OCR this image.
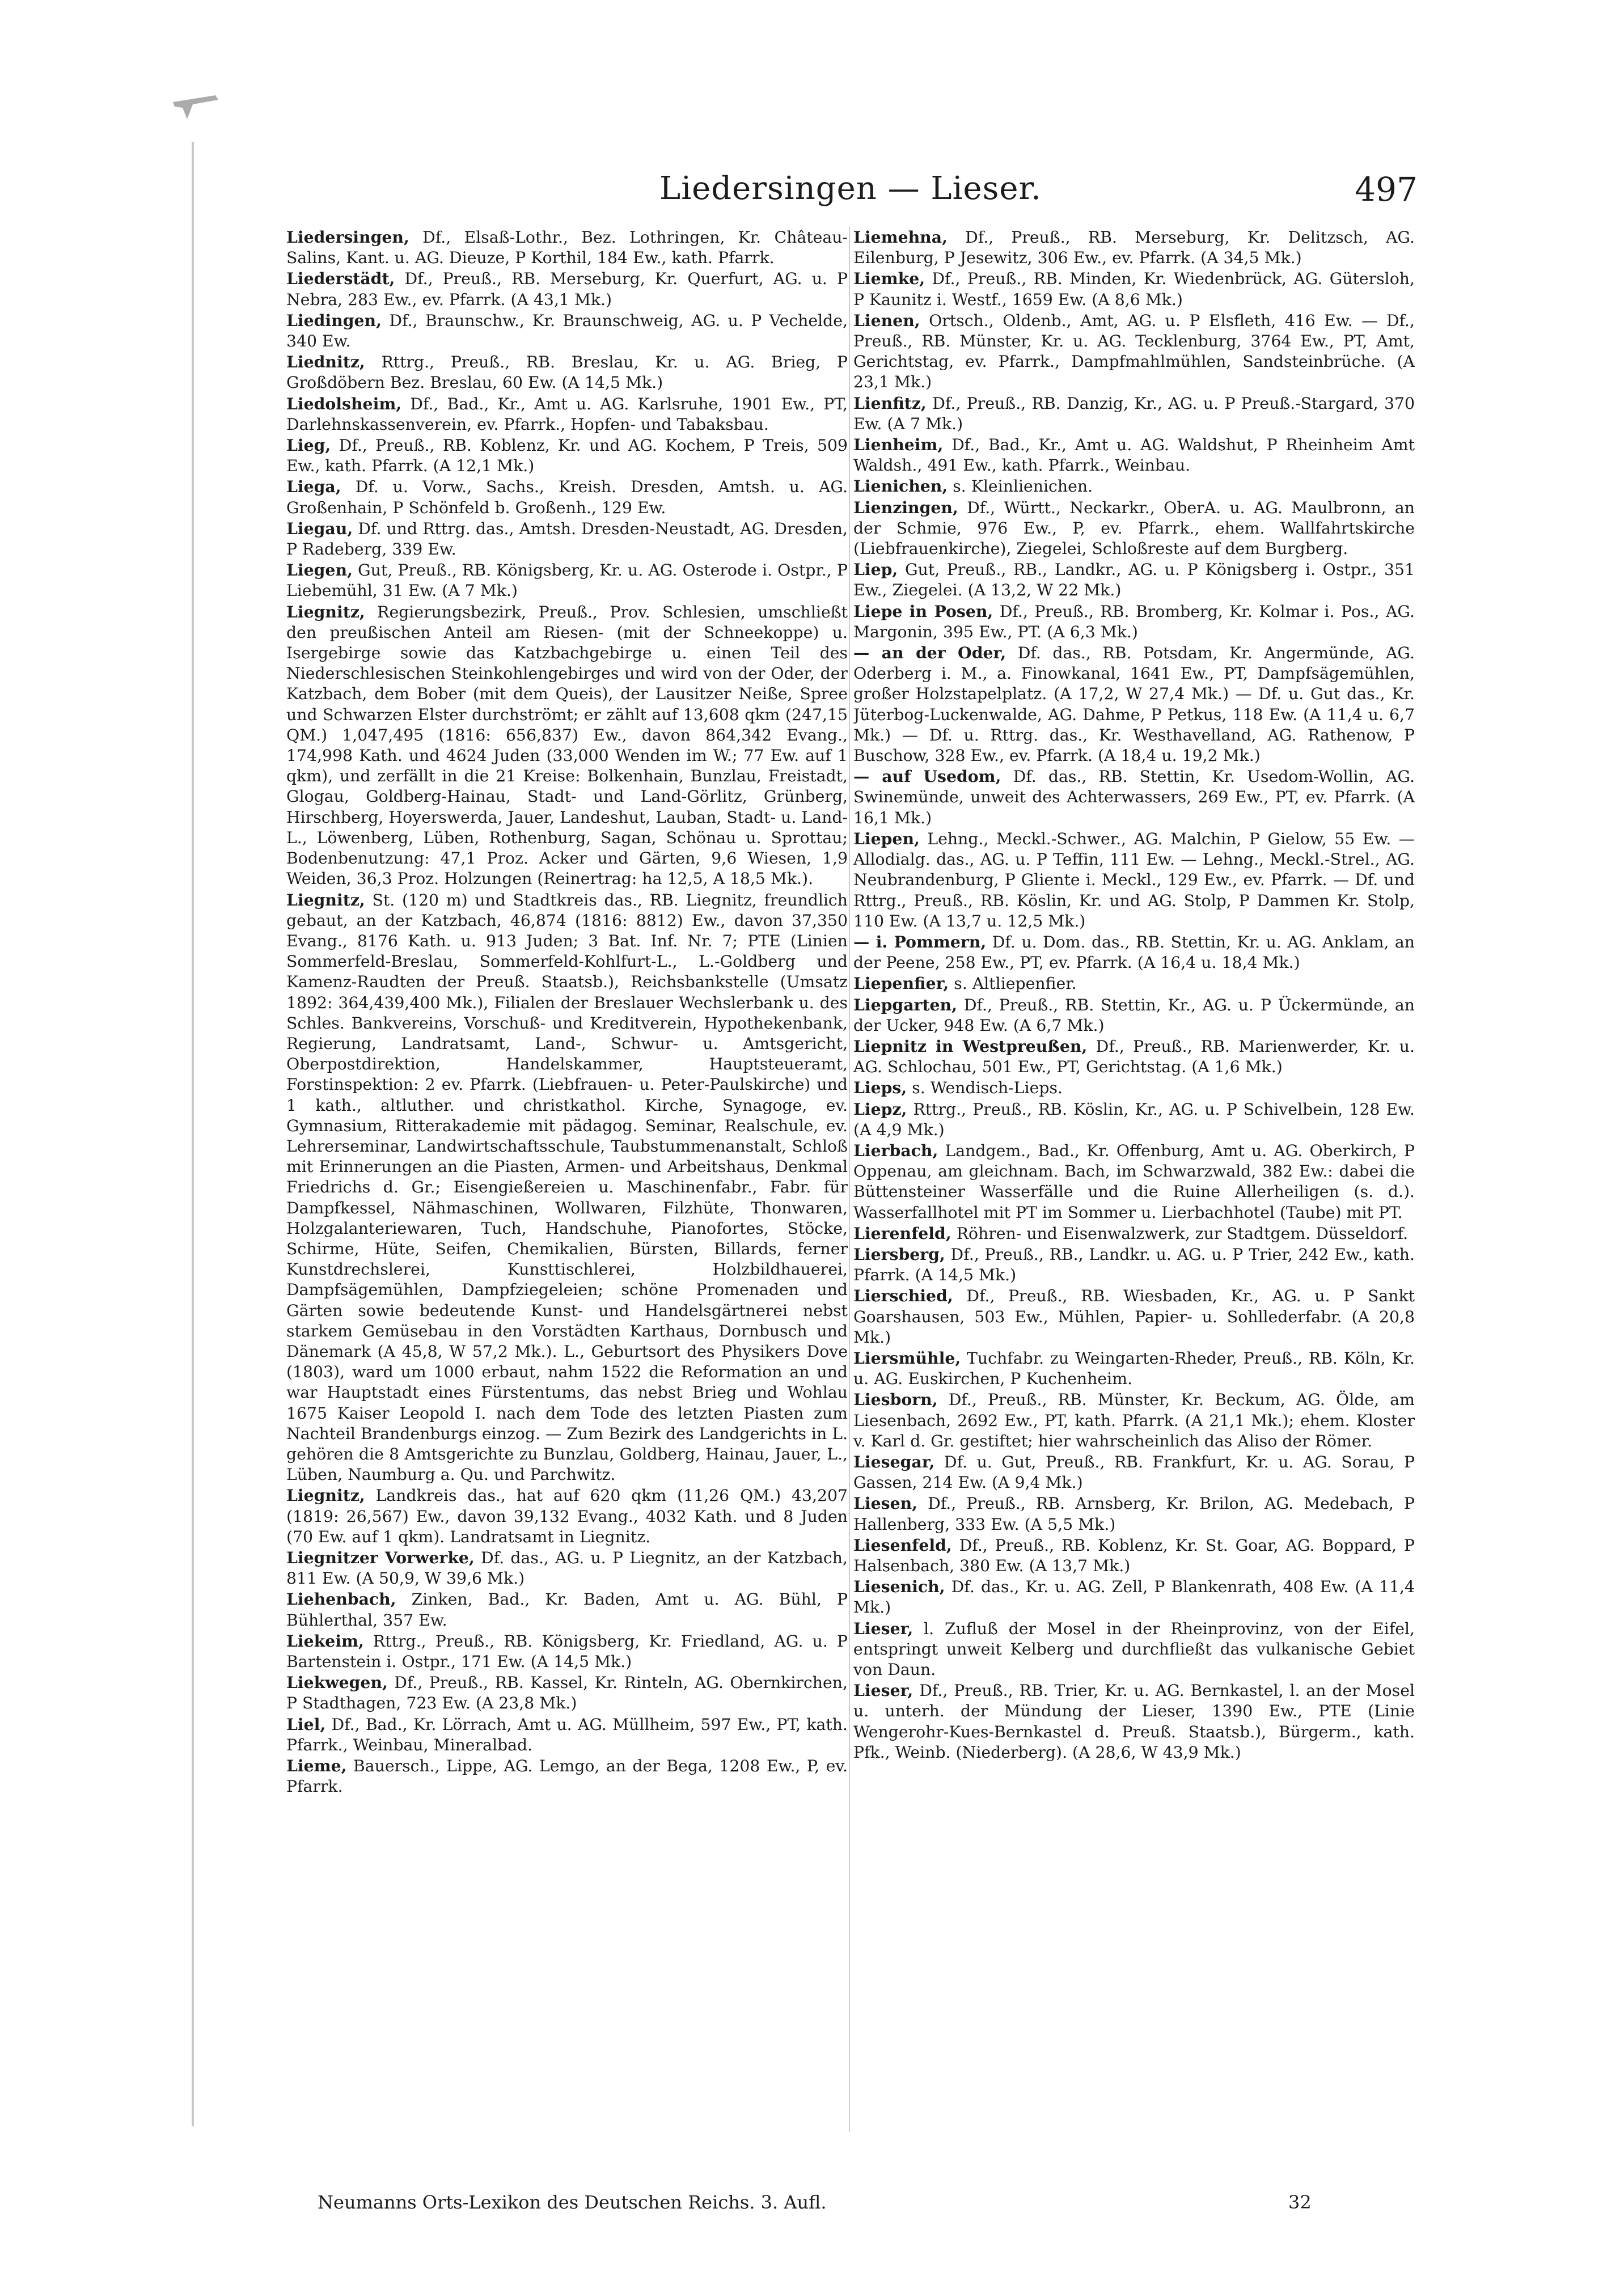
Liedersingen — Lieser.	497

Liedersingen, Df., Elsaß-Lothr., Bez. Lothringen, Kr. Château-Salins, Kant. u. AG. Dieuze, P Korthil, 184 Ew., kath. Pfarrk.

Liederstädt, Df., Preuß., RB. Merseburg, Kr. Querfurt, AG. u. P Nebra, 283 Ew., ev. Pfarrk. (A 43,1 Mk.)

Liedingen, Df., Braunschw., Kr. Braunschweig, AG. u. P Vechelde, 340 Ew.

Liednitz, Rttrg., Preuß., RB. Breslau, Kr. u. AG. Brieg, P Großdöbern Bez. Breslau, 60 Ew. (A 14,5 Mk.)

Liedolsheim, Df., Bad., Kr., Amt u. AG. Karlsruhe, 1901 Ew., PT, Darlehnskassenverein, ev. Pfarrk., Hopfen- und Tabaksbau.

Lieg, Df., Preuß., RB. Koblenz, Kr. und AG. Kochem, P Treis, 509 Ew., kath. Pfarrk. (A 12,1 Mk.)

Liega, Df. u. Vorw., Sachs., Kreish. Dresden, Amtsh. u. AG. Großenhain, P Schönfeld b. Großenh., 129 Ew.

Liegau, Df. und Rttrg. das., Amtsh. Dresden-Neustadt, AG. Dresden, P Radeberg, 339 Ew.

Liegen, Gut, Preuß., RB. Königsberg, Kr. u. AG. Osterode i. Ostpr., P Liebemühl, 31 Ew. (A 7 Mk.)

Liegnitz, Regierungsbezirk, Preuß., Prov. Schlesien, umschließt den preußischen Anteil am Riesen- (mit der Schneekoppe) u. Isergebirge sowie das Katzbachgebirge u. einen Teil des Niederschlesischen Steinkohlengebirges und wird von der Oder, der Katzbach, dem Bober (mit dem Queis), der Lausitzer Neiße, Spree und Schwarzen Elster durchströmt; er zählt auf 13,608 qkm (247,15 QM.) 1,047,495 (1816: 656,837) Ew., davon 864,342 Evang., 174,998 Kath. und 4624 Juden (33,000 Wenden im W.; 77 Ew. auf 1 qkm), und zerfällt in die 21 Kreise: Bolkenhain, Bunzlau, Freistadt, Glogau, Goldberg-Hainau, Stadt- und Land-Görlitz, Grünberg, Hirschberg, Hoyerswerda, Jauer, Landeshut, Lauban, Stadt- u. Land-L., Löwenberg, Lüben, Rothenburg, Sagan, Schönau u. Sprottau; Bodenbenutzung: 47,1 Proz. Acker und Gärten, 9,6 Wiesen, 1,9 Weiden, 36,3 Proz. Holzungen (Reinertrag: ha 12,5, A 18,5 Mk.).

Liegnitz, St. (120 m) und Stadtkreis das., RB. Liegnitz, freundlich gebaut, an der Katzbach, 46,874 (1816: 8812) Ew., davon 37,350 Evang., 8176 Kath. u. 913 Juden; 3 Bat. Inf. Nr. 7; PTE (Linien Sommerfeld-Breslau, Sommerfeld-Kohlfurt-L., L.-Goldberg und Kamenz-Raudten der Preuß. Staatsb.), Reichsbankstelle (Umsatz 1892: 364,439,400 Mk.), Filialen der Breslauer Wechslerbank u. des Schles. Bankvereins, Vorschuß- und Kreditverein, Hypothekenbank, Regierung, Landratsamt, Land-, Schwur- u. Amtsgericht, Oberpostdirektion, Handelskammer, Hauptsteueramt, Forstinspektion: 2 ev. Pfarrk. (Liebfrauen- u. Peter-Paulskirche) und 1 kath., altluther. und christkathol. Kirche, Synagoge, ev. Gymnasium, Ritterakademie mit pädagog. Seminar, Realschule, ev. Lehrerseminar, Landwirtschaftsschule, Taubstummenanstalt, Schloß mit Erinnerungen an die Piasten, Armen- und Arbeitshaus, Denkmal Friedrichs d. Gr.; Eisengießereien u. Maschinenfabr., Fabr. für Dampfkessel, Nähmaschinen, Wollwaren, Filzhüte, Thonwaren, Holzgalanteriewaren, Tuch, Handschuhe, Pianofortes, Stöcke, Schirme, Hüte, Seifen, Chemikalien, Bürsten, Billards, ferner Kunstdrechslerei, Kunsttischlerei, Holzbildhauerei, Dampfsägemühlen, Dampfziegeleien; schöne Promenaden und Gärten sowie bedeutende Kunst- und Handelsgärtnerei nebst starkem Gemüsebau in den Vorstädten Karthaus, Dornbusch und Dänemark (A 45,8, W 57,2 Mk.). L., Geburtsort des Physikers Dove (1803), ward um 1000 erbaut, nahm 1522 die Reformation an und war Hauptstadt eines Fürstentums, das nebst Brieg und Wohlau 1675 Kaiser Leopold I. nach dem Tode des letzten Piasten zum Nachteil Brandenburgs einzog. — Zum Bezirk des Landgerichts in L. gehören die 8 Amtsgerichte zu Bunzlau, Goldberg, Hainau, Jauer, L., Lüben, Naumburg a. Qu. und Parchwitz.

Liegnitz, Landkreis das., hat auf 620 qkm (11,26 QM.) 43,207 (1819: 26,567) Ew., davon 39,132 Evang., 4032 Kath. und 8 Juden (70 Ew. auf 1 qkm). Landratsamt in Liegnitz.

Liegnitzer Vorwerke, Df. das., AG. u. P Liegnitz, an der Katzbach, 811 Ew. (A 50,9, W 39,6 Mk.)

Liehenbach, Zinken, Bad., Kr. Baden, Amt u. AG. Bühl, P Bühlerthal, 357 Ew.

Liekeim, Rttrg., Preuß., RB. Königsberg, Kr. Friedland, AG. u. P Bartenstein i. Ostpr., 171 Ew. (A 14,5 Mk.)

Liekwegen, Df., Preuß., RB. Kassel, Kr. Rinteln, AG. Obernkirchen, P Stadthagen, 723 Ew. (A 23,8 Mk.)

Liel, Df., Bad., Kr. Lörrach, Amt u. AG. Müllheim, 597 Ew., PT, kath. Pfarrk., Weinbau, Mineralbad.

Lieme, Bauersch., Lippe, AG. Lemgo, an der Bega, 1208 Ew., P, ev. Pfarrk.

Liemehna, Df., Preuß., RB. Merseburg, Kr. Delitzsch, AG. Eilenburg, P Jesewitz, 306 Ew., ev. Pfarrk. (A 34,5 Mk.)

Liemke, Df., Preuß., RB. Minden, Kr. Wiedenbrück, AG. Gütersloh, P Kaunitz i. Westf., 1659 Ew. (A 8,6 Mk.)

Lienen, Ortsch., Oldenb., Amt, AG. u. P Elsfleth, 416 Ew. — Df., Preuß., RB. Münster, Kr. u. AG. Tecklenburg, 3764 Ew., PT, Amt, Gerichtstag, ev. Pfarrk., Dampfmahlmühlen, Sandsteinbrüche. (A 23,1 Mk.)

Lienfitz, Df., Preuß., RB. Danzig, Kr., AG. u. P Preuß.-Stargard, 370 Ew. (A 7 Mk.)

Lienheim, Df., Bad., Kr., Amt u. AG. Waldshut, P Rheinheim Amt Waldsh., 491 Ew., kath. Pfarrk., Weinbau.

Lienichen, s. Kleinlienichen.

Lienzingen, Df., Württ., Neckarkr., OberA. u. AG. Maulbronn, an der Schmie, 976 Ew., P, ev. Pfarrk., ehem. Wallfahrtskirche (Liebfrauenkirche), Ziegelei, Schloßreste auf dem Burgberg.

Liep, Gut, Preuß., RB., Landkr., AG. u. P Königsberg i. Ostpr., 351 Ew., Ziegelei. (A 13,2, W 22 Mk.)

Liepe in Posen, Df., Preuß., RB. Bromberg, Kr. Kolmar i. Pos., AG. Margonin, 395 Ew., PT. (A 6,3 Mk.)

— an der Oder, Df. das., RB. Potsdam, Kr. Angermünde, AG. Oderberg i. M., a. Finowkanal, 1641 Ew., PT, Dampfsägemühlen, großer Holzstapelplatz. (A 17,2, W 27,4 Mk.) — Df. u. Gut das., Kr. Jüterbog-Luckenwalde, AG. Dahme, P Petkus, 118 Ew. (A 11,4 u. 6,7 Mk.) — Df. u. Rttrg. das., Kr. Westhavelland, AG. Rathenow, P Buschow, 328 Ew., ev. Pfarrk. (A 18,4 u. 19,2 Mk.)

— auf Usedom, Df. das., RB. Stettin, Kr. Usedom-Wollin, AG. Swinemünde, unweit des Achterwassers, 269 Ew., PT, ev. Pfarrk. (A 16,1 Mk.)

Liepen, Lehng., Meckl.-Schwer., AG. Malchin, P Gielow, 55 Ew. — Allodialg. das., AG. u. P Teffin, 111 Ew. — Lehng., Meckl.-Strel., AG. Neubrandenburg, P Gliente i. Meckl., 129 Ew., ev. Pfarrk. — Df. und Rttrg., Preuß., RB. Köslin, Kr. und AG. Stolp, P Dammen Kr. Stolp, 110 Ew. (A 13,7 u. 12,5 Mk.)

— i. Pommern, Df. u. Dom. das., RB. Stettin, Kr. u. AG. Anklam, an der Peene, 258 Ew., PT, ev. Pfarrk. (A 16,4 u. 18,4 Mk.)

Liepenfier, s. Altliepenfier.

Liepgarten, Df., Preuß., RB. Stettin, Kr., AG. u. P Ückermünde, an der Ucker, 948 Ew. (A 6,7 Mk.)

Liepnitz in Westpreußen, Df., Preuß., RB. Marienwerder, Kr. u. AG. Schlochau, 501 Ew., PT, Gerichtstag. (A 1,6 Mk.)

Lieps, s. Wendisch-Lieps.

Liepz, Rttrg., Preuß., RB. Köslin, Kr., AG. u. P Schivelbein, 128 Ew. (A 4,9 Mk.)

Lierbach, Landgem., Bad., Kr. Offenburg, Amt u. AG. Oberkirch, P Oppenau, am gleichnam. Bach, im Schwarzwald, 382 Ew.: dabei die Büttensteiner Wasserfälle und die Ruine Allerheiligen (s. d.). Wasserfallhotel mit PT im Sommer u. Lierbachhotel (Taube) mit PT.

Lierenfeld, Röhren- und Eisenwalzwerk, zur Stadtgem. Düsseldorf.

Liersberg, Df., Preuß., RB., Landkr. u. AG. u. P Trier, 242 Ew., kath. Pfarrk. (A 14,5 Mk.)

Lierschied, Df., Preuß., RB. Wiesbaden, Kr., AG. u. P Sankt Goarshausen, 503 Ew., Mühlen, Papier- u. Sohllederfabr. (A 20,8 Mk.)

Liersmühle, Tuchfabr. zu Weingarten-Rheder, Preuß., RB. Köln, Kr. u. AG. Euskirchen, P Kuchenheim.

Liesborn, Df., Preuß., RB. Münster, Kr. Beckum, AG. Ölde, am Liesenbach, 2692 Ew., PT, kath. Pfarrk. (A 21,1 Mk.); ehem. Kloster v. Karl d. Gr. gestiftet; hier wahrscheinlich das Aliso der Römer.

Liesegar, Df. u. Gut, Preuß., RB. Frankfurt, Kr. u. AG. Sorau, P Gassen, 214 Ew. (A 9,4 Mk.)

Liesen, Df., Preuß., RB. Arnsberg, Kr. Brilon, AG. Medebach, P Hallenberg, 333 Ew. (A 5,5 Mk.)

Liesenfeld, Df., Preuß., RB. Koblenz, Kr. St. Goar, AG. Boppard, P Halsenbach, 380 Ew. (A 13,7 Mk.)

Liesenich, Df. das., Kr. u. AG. Zell, P Blankenrath, 408 Ew. (A 11,4 Mk.)

Lieser, l. Zufluß der Mosel in der Rheinprovinz, von der Eifel, entspringt unweit Kelberg und durchfließt das vulkanische Gebiet von Daun.

Lieser, Df., Preuß., RB. Trier, Kr. u. AG. Bernkastel, l. an der Mosel u. unterh. der Mündung der Lieser, 1390 Ew., PTE (Linie Wengerohr-Kues-Bernkastel d. Preuß. Staatsb.), Bürgerm., kath. Pfk., Weinb. (Niederberg). (A 28,6, W 43,9 Mk.)

Neumanns Orts-Lexikon des Deutschen Reichs. 3. Aufl.	32
